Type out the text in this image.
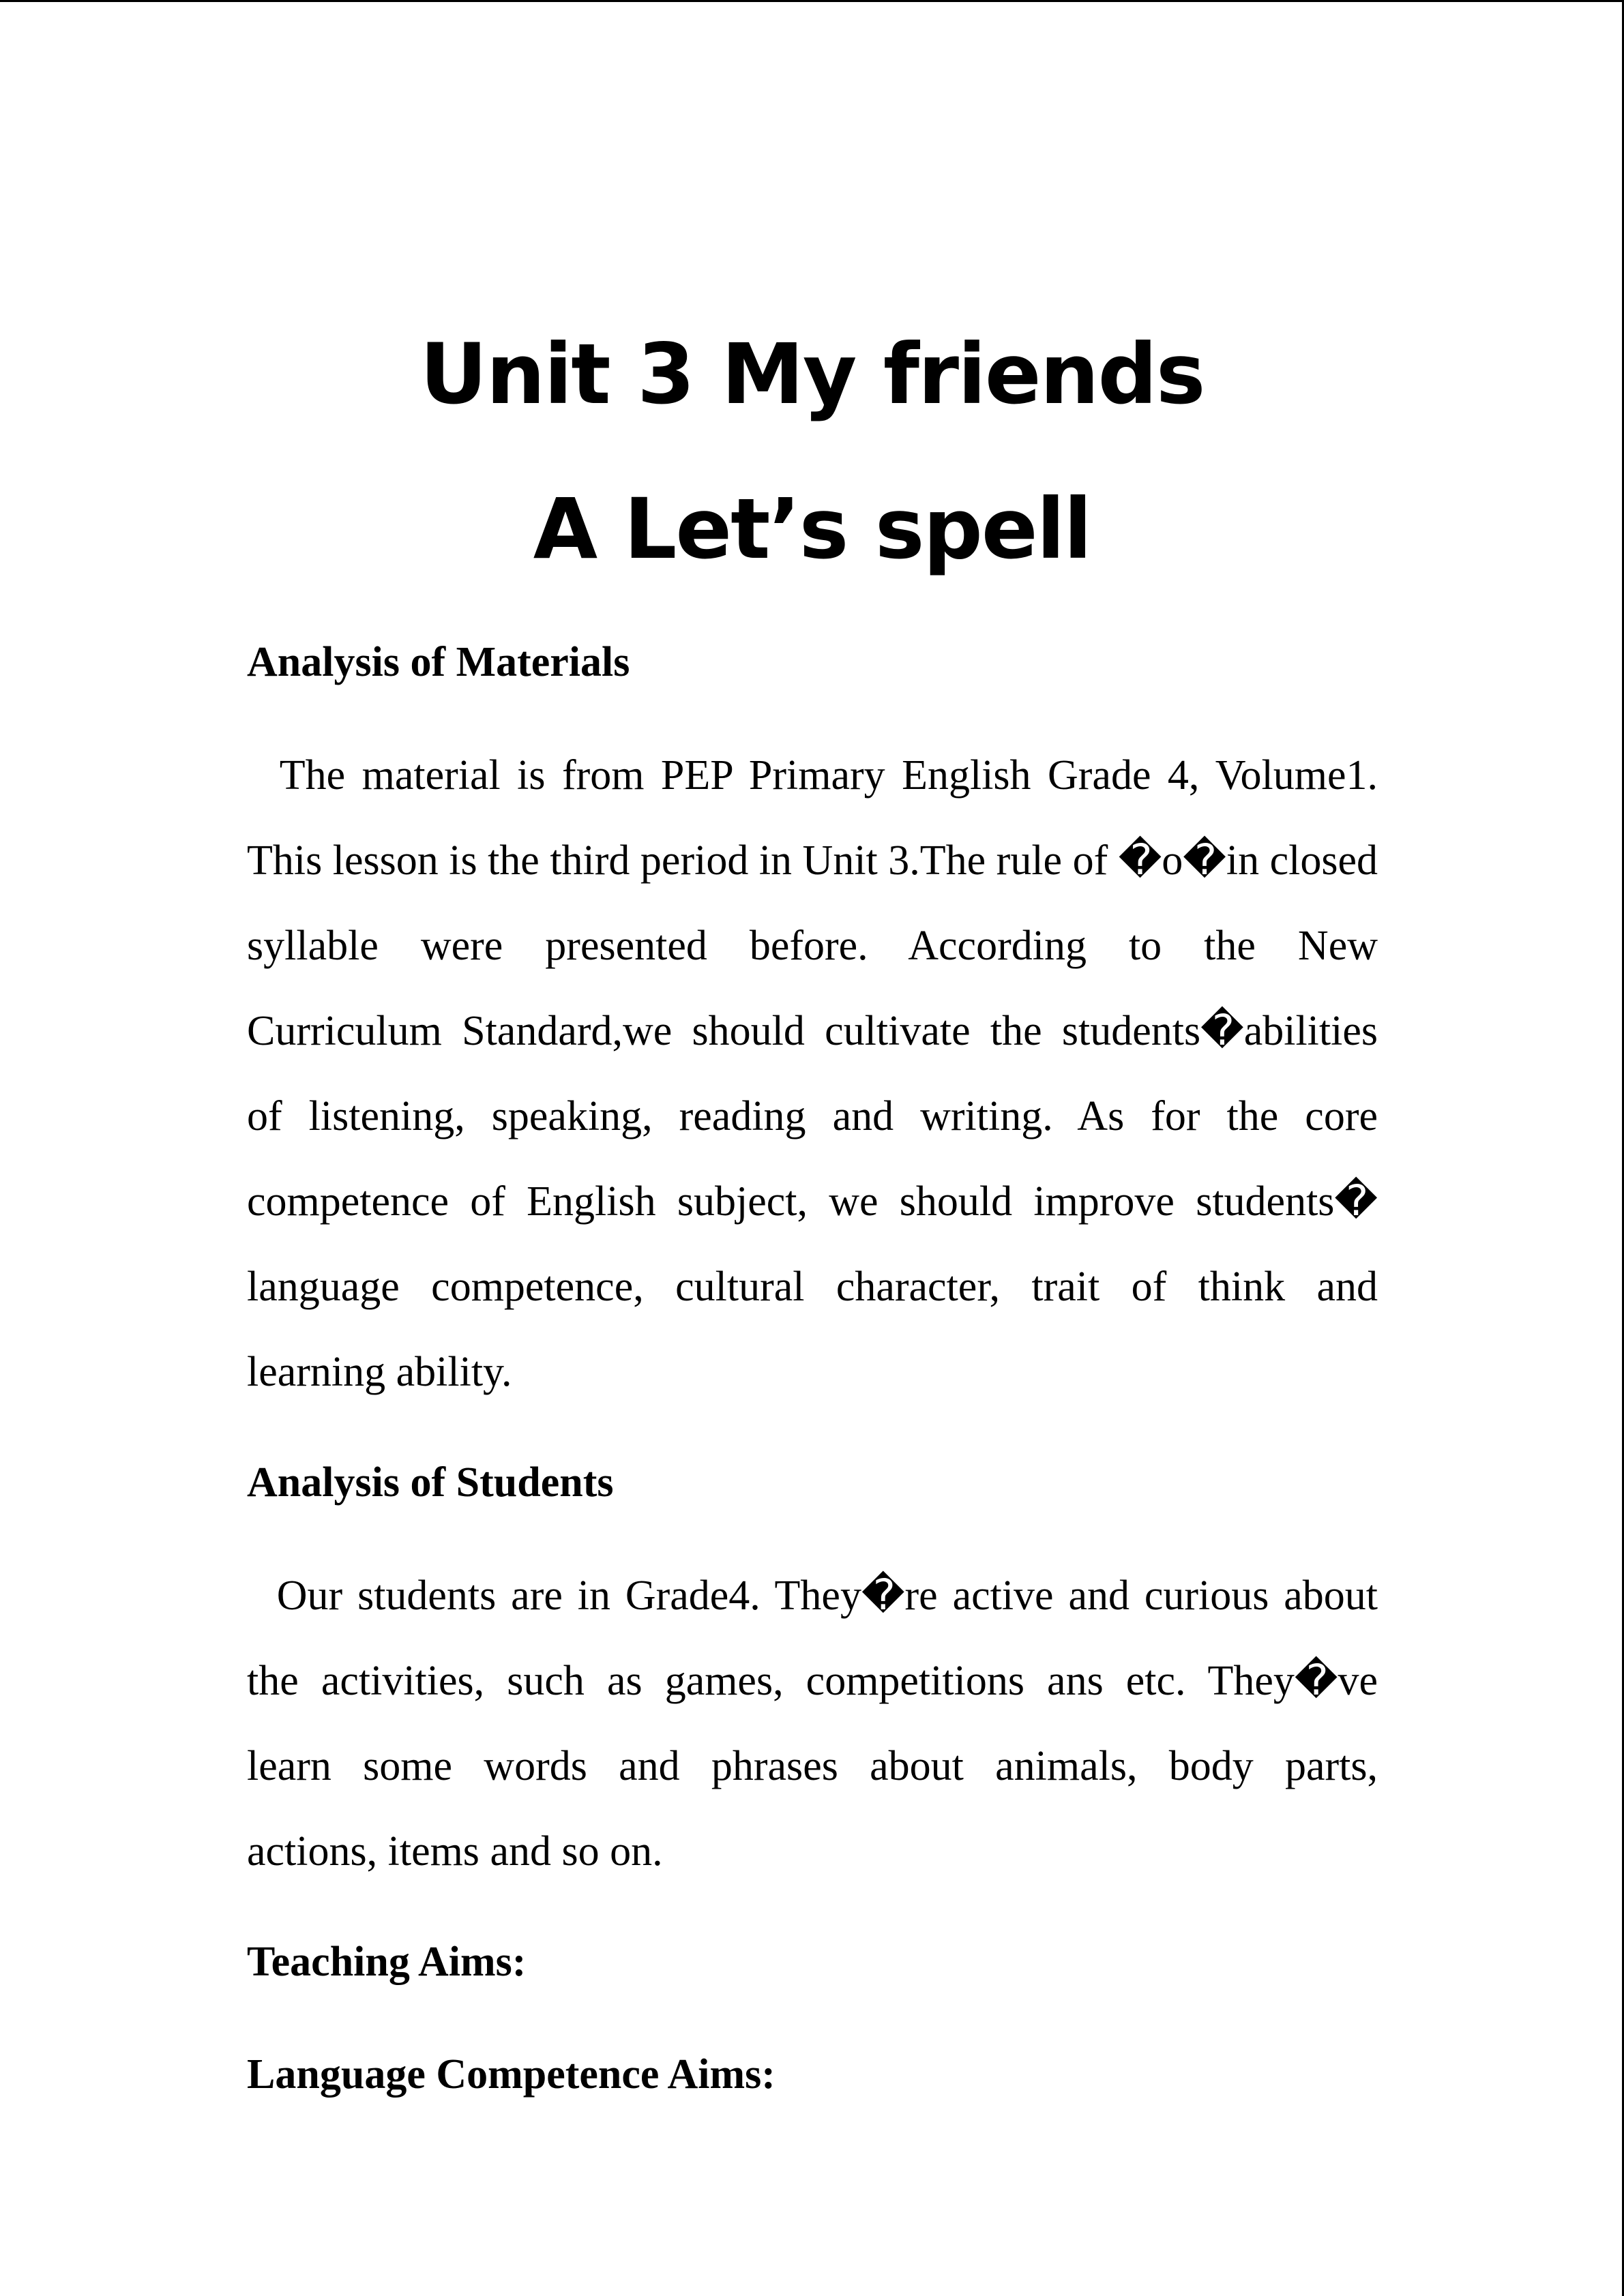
Unit 3 My friends
A Let’s spell
Analysis of Materials
The material is from PEP Primary English Grade 4, Volume1.
This lesson is the third period in Unit 3.The rule of �o�in closed
syllable were presented before. According to the New
Curriculum Standard,we should cultivate the students�abilities
of listening, speaking, reading and writing. As for the core
competence of English subject, we should improve students�
language competence, cultural character, trait of think and
learning ability.
Analysis of Students
Our students are in Grade4. They�re active and curious about
the activities, such as games, competitions ans etc. They�ve
learn some words and phrases about animals, body parts,
actions, items and so on.
Teaching Aims:
Language Competence Aims:
